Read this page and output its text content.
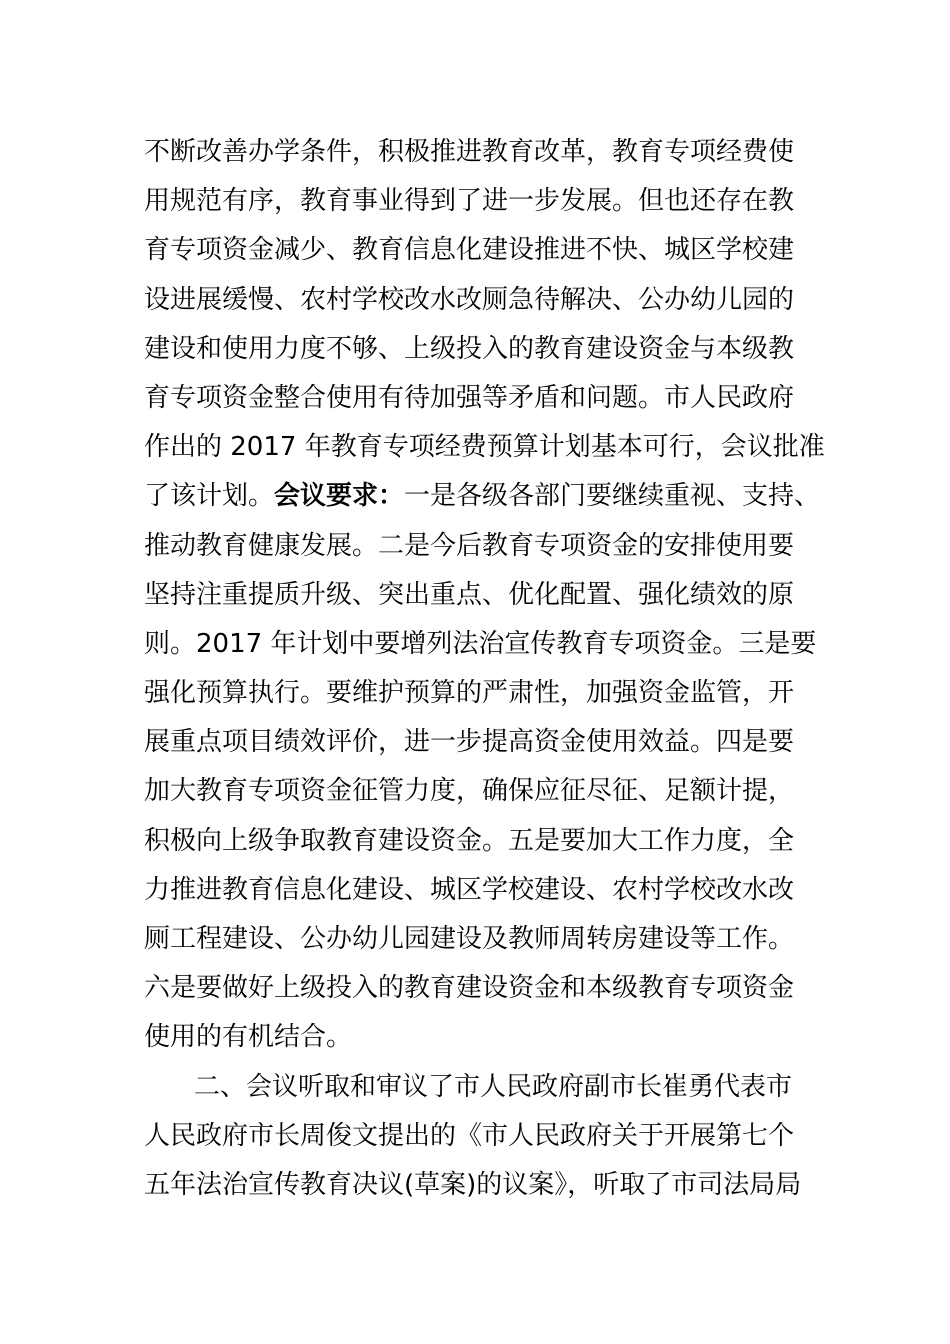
不断改善办学条件，积极推进教育改革，教育专项经费使
用规范有序，教育事业得到了进一步发展。但也还存在教
育专项资金减少、教育信息化建设推进不快、城区学校建
设进展缓慢、农村学校改水改厕急待解决、公办幼儿园的
建设和使用力度不够、上级投入的教育建设资金与本级教
育专项资金整合使用有待加强等矛盾和问题。市人民政府
作出的 2017 年教育专项经费预算计划基本可行，会议批准
了该计划。会议要求：一是各级各部门要继续重视、支持、
推动教育健康发展。二是今后教育专项资金的安排使用要
坚持注重提质升级、突出重点、优化配置、强化绩效的原
则。2017 年计划中要增列法治宣传教育专项资金。三是要
强化预算执行。要维护预算的严肃性，加强资金监管，开
展重点项目绩效评价，进一步提高资金使用效益。四是要
加大教育专项资金征管力度，确保应征尽征、足额计提，
积极向上级争取教育建设资金。五是要加大工作力度，全
力推进教育信息化建设、城区学校建设、农村学校改水改
厕工程建设、公办幼儿园建设及教师周转房建设等工作。
六是要做好上级投入的教育建设资金和本级教育专项资金
使用的有机结合。
二、会议听取和审议了市人民政府副市长崔勇代表市
人民政府市长周俊文提出的《市人民政府关于开展第七个
五年法治宣传教育决议(草案)的议案》，听取了市司法局局
